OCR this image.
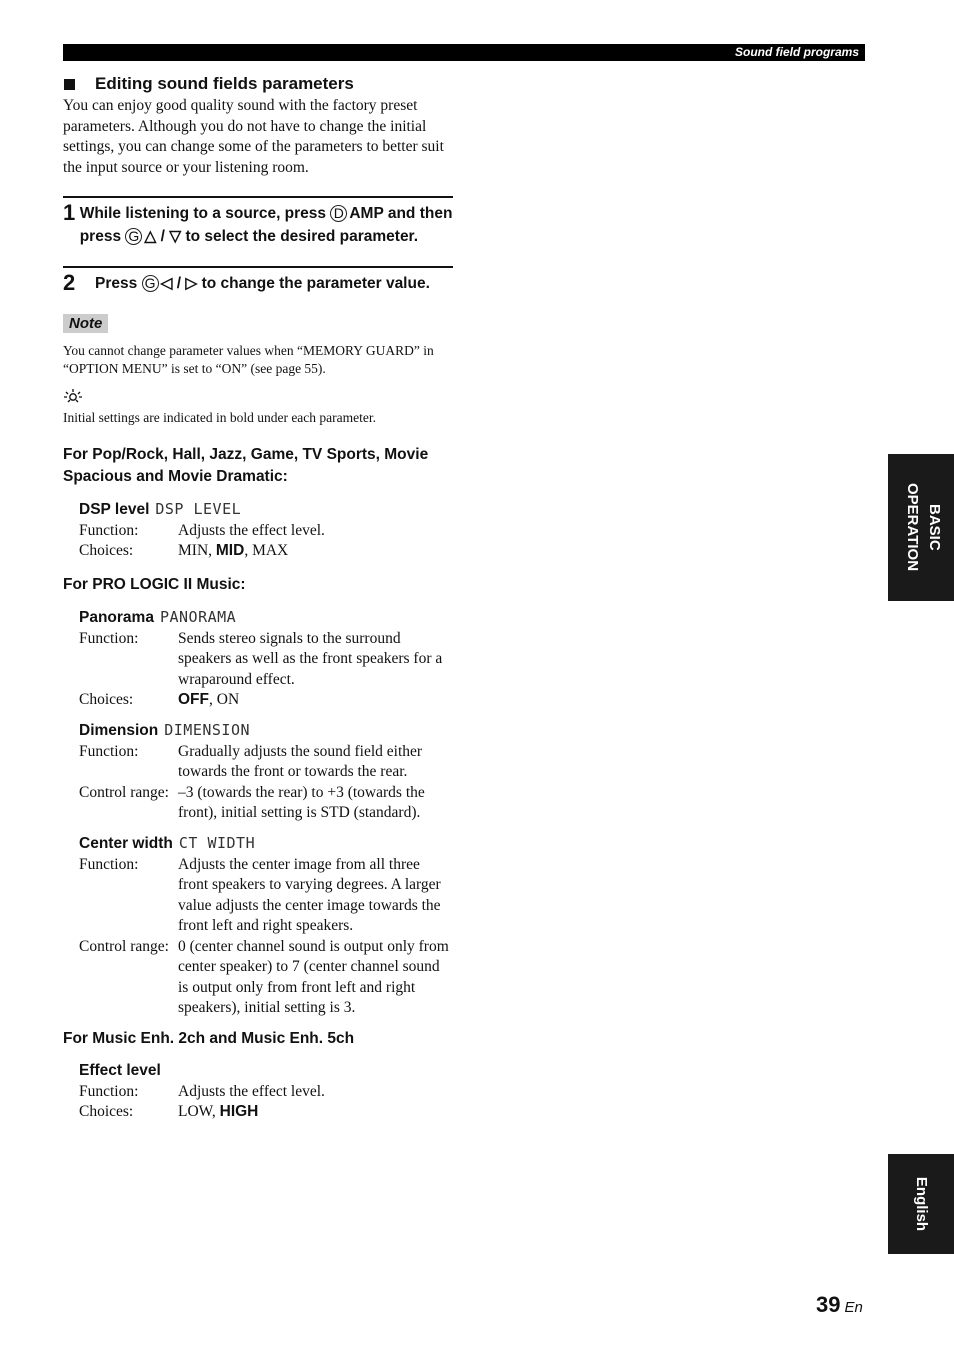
Sound field programs
Editing sound fields parameters

You can enjoy good quality sound with the factory preset parameters. Although you do not have to change the initial settings, you can change some of the parameters to better suit the input source or your listening room.

1 While listening to a source, press D AMP and then press G △ / ▽ to select the desired parameter.
2	Press G ◁ / ▷ to change the parameter value.
Note

You cannot change parameter values when “MEMORY GUARD” in “OPTION MENU” is set to “ON” (see page 55).

Initial settings are indicated in bold under each parameter.

For Pop/Rock, Hall, Jazz, Game, TV Sports, Movie Spacious and Movie Dramatic:

DSP level DSP LEVEL

Function:	Adjusts the effect level.
Choices:	MIN, MID, MAX
For PRO LOGIC II Music:

Panorama PANORAMA

Function:	Sends stereo signals to the surround speakers as well as the front speakers for a wraparound effect.
Choices:	OFF, ON

Dimension DIMENSION

Function:	Gradually adjusts the sound field either towards the front or towards the rear.
Control range: –3 (towards the rear) to +3 (towards the front), initial setting is STD (standard).

Center width CT WIDTH

Function:	Adjusts the center image from all three front speakers to varying degrees. A larger value adjusts the center image towards the front left and right speakers.
Control range: 0 (center channel sound is output only from center speaker) to 7 (center channel sound is output only from front left and right speakers), initial setting is 3.
For Music Enh. 2ch and Music Enh. 5ch

Effect level

Function:	Adjusts the effect level.
Choices:	LOW, HIGH
BASIC OPERATION
English
39 En
